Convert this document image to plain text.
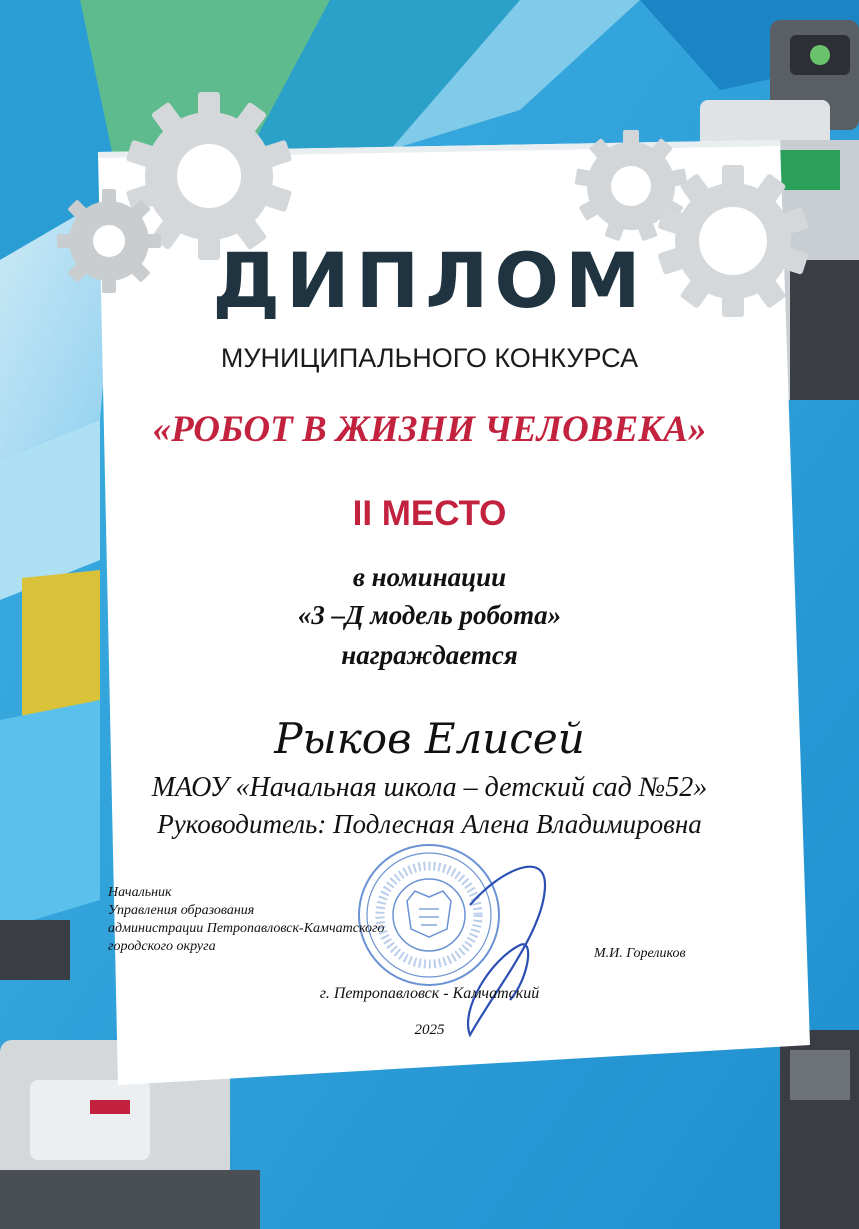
ДИПЛОМ

МУНИЦИПАЛЬНОГО КОНКУРСА

«РОБОТ В ЖИЗНИ ЧЕЛОВЕКА»

II МЕСТО

в номинации

«3 –Д модель робота»

награждается

Рыков Елисей

МАОУ «Начальная школа – детский сад №52»

Руководитель: Подлесная Алена Владимировна

Начальник
Управления образования
администрации Петропавловск-Камчатского
городского округа	М.И. Гореликов

г. Петропавловск - Камчатский

2025
